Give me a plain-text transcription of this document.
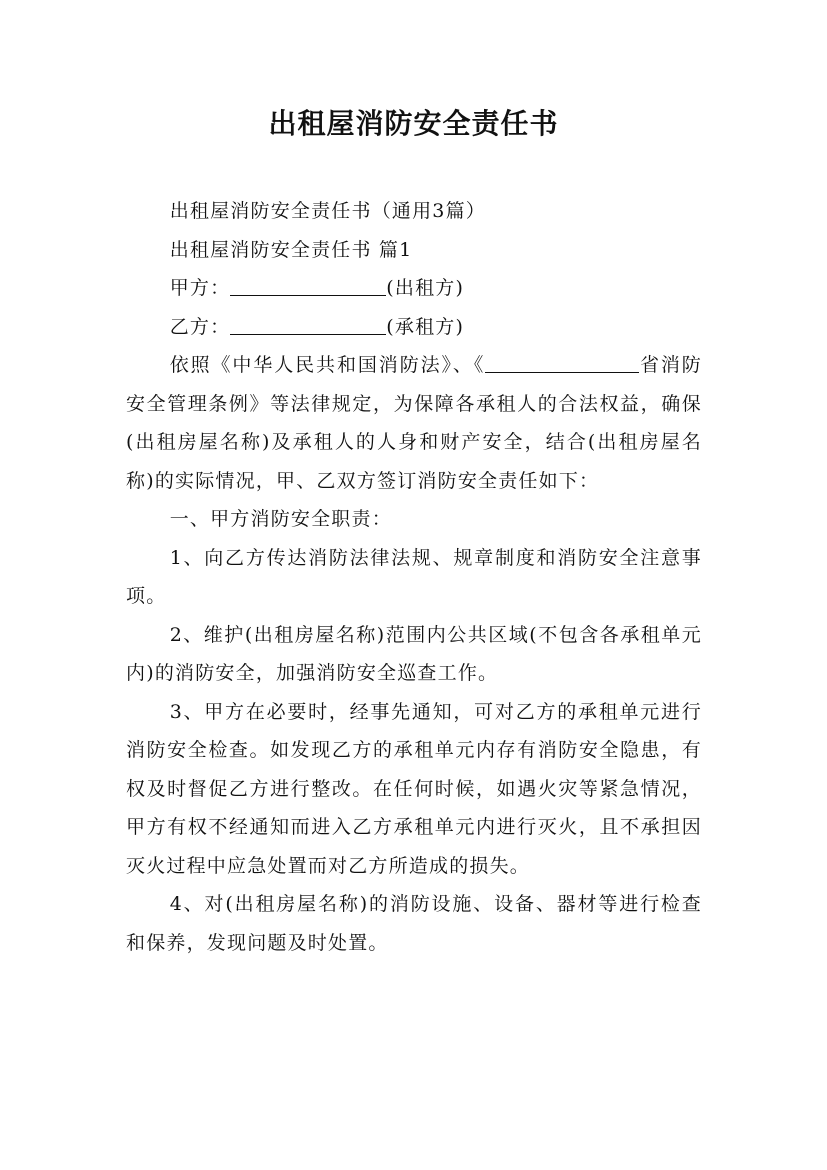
出租屋消防安全责任书

出租屋消防安全责任书（通用3篇）

出租屋消防安全责任书 篇1

甲方：	(出租方)

乙方：	(承租方)

依照《中华人民共和国消防法》、《	省消防安全管理条例》等法律规定，为保障各承租人的合法权益，确保(出租房屋名称)及承租人的人身和财产安全，结合(出租房屋名称)的实际情况，甲、乙双方签订消防安全责任如下：

一、甲方消防安全职责：

1、向乙方传达消防法律法规、规章制度和消防安全注意事项。

2、维护(出租房屋名称)范围内公共区域(不包含各承租单元内)的消防安全，加强消防安全巡查工作。

3、甲方在必要时，经事先通知，可对乙方的承租单元进行消防安全检查。如发现乙方的承租单元内存有消防安全隐患，有权及时督促乙方进行整改。在任何时候，如遇火灾等紧急情况，甲方有权不经通知而进入乙方承租单元内进行灭火，且不承担因灭火过程中应急处置而对乙方所造成的损失。

4、对(出租房屋名称)的消防设施、设备、器材等进行检查和保养，发现问题及时处置。
